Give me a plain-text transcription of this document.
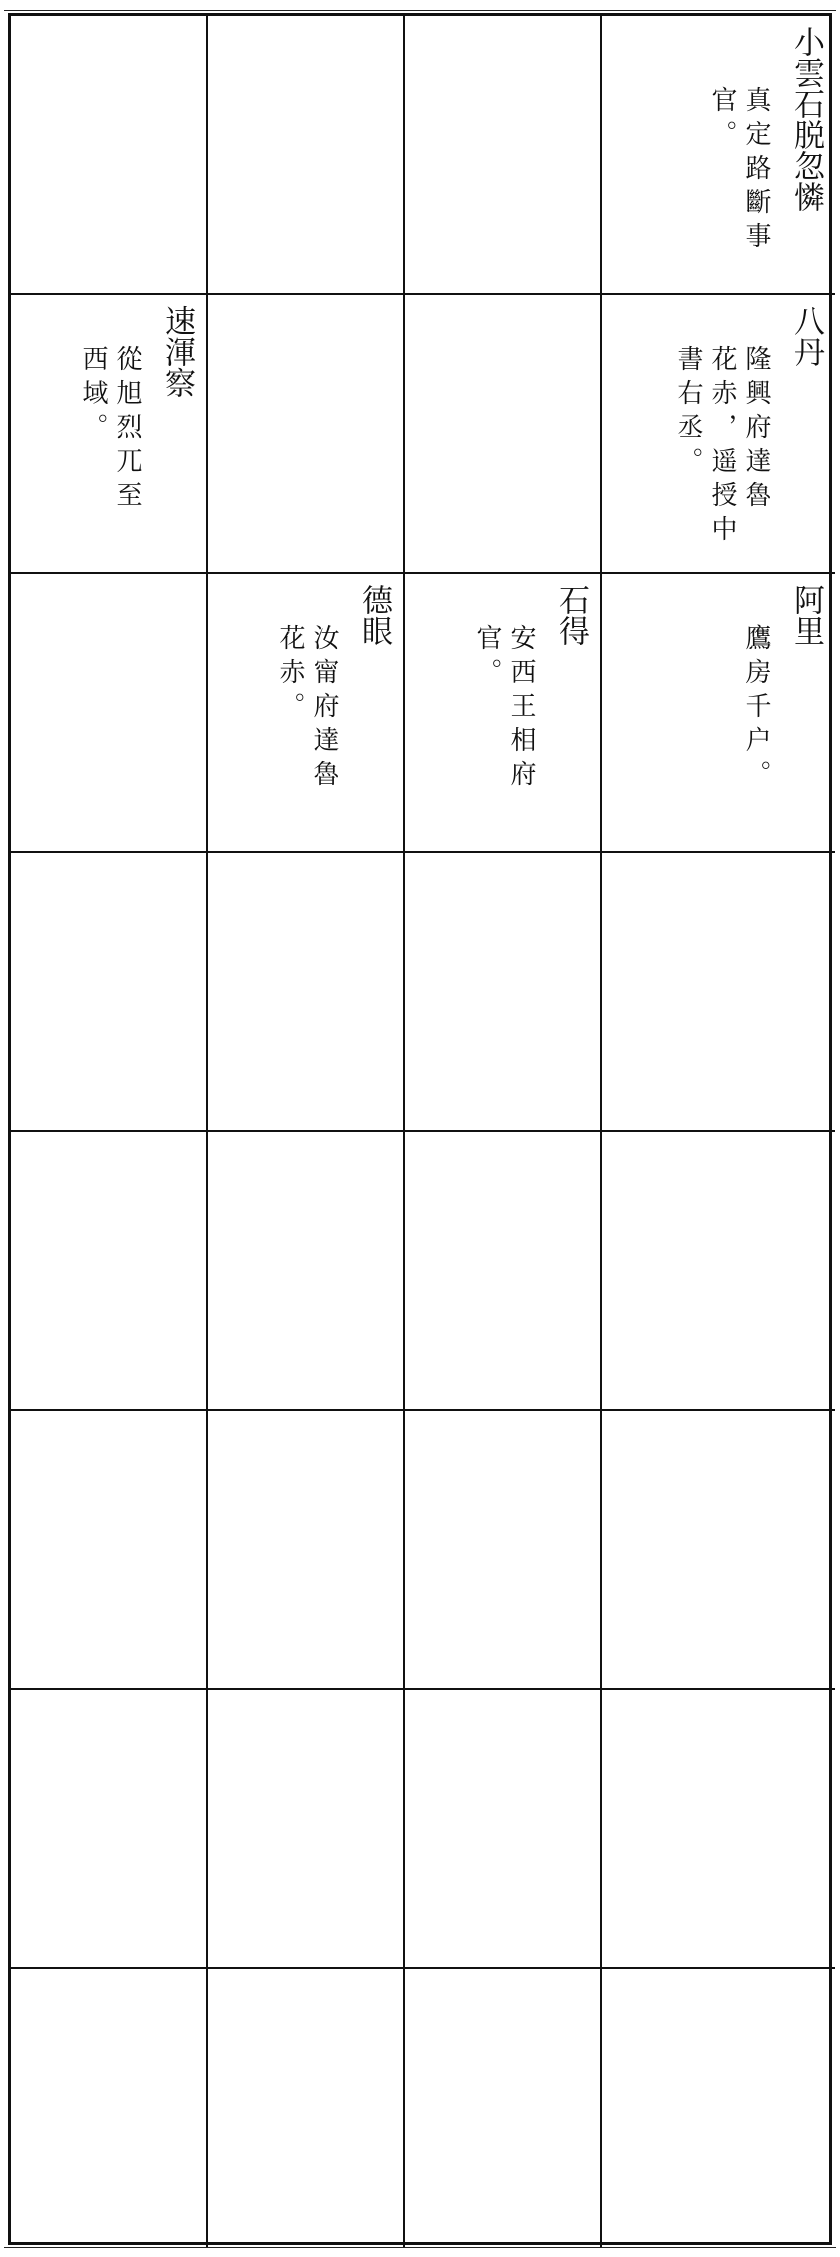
小雲石脱忽憐
真定路斷事
官。
速渾察
從旭烈兀至
西域。
八丹
隆興府達魯
花赤，遥授中
書右丞。
德眼
汝甯府達魯
花赤。
石得
安西王相府
官。
阿里
鷹房千户。
